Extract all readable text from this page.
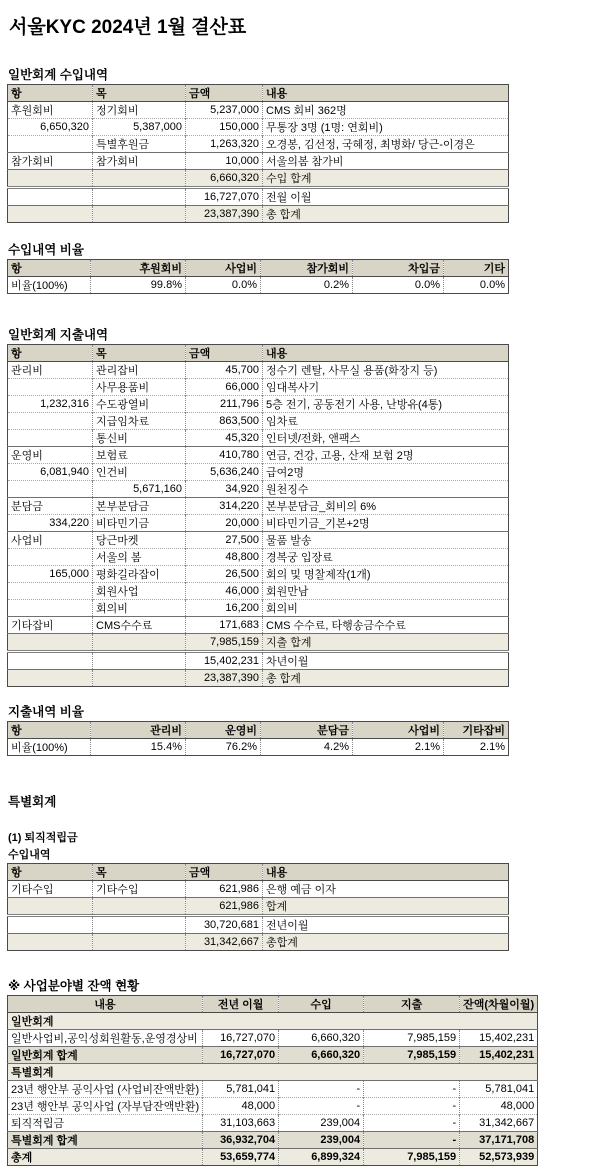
서울KYC 2024년 1월 결산표
일반회계 수입내역
항	목	금액	내용
후원회비	정기회비	5,237,000	CMS 회비 362명
6,650,320	5,387,000	150,000	무통장 3명 (1명: 연회비)
	특별후원금	1,263,320	오경봉, 김선정, 국혜정, 최병화/ 당근-이경은
참가회비	참가회비	10,000	서울의봄 참가비
		6,660,320	수입 합계
		16,727,070	전월 이월
		23,387,390	총 합계
수입내역 비율
항	후원회비	사업비	참가회비	차입금	기타
비율(100%)	99.8%	0.0%	0.2%	0.0%	0.0%
일반회계 지출내역
항	목	금액	내용
관리비	관리잡비	45,700	정수기 렌탈, 사무실 용품(화장지 등)
	사무용품비	66,000	임대복사기
1,232,316	수도광열비	211,796	5층 전기, 공동전기 사용, 난방유(4통)
	지급임차료	863,500	임차료
	통신비	45,320	인터넷/전화, 앤팩스
운영비	보험료	410,780	연금, 건강, 고용, 산재 보험 2명
6,081,940	인건비	5,636,240	급여2명
	5,671,160	34,920	원천징수
분담금	본부분담금	314,220	본부분담금_회비의 6%
334,220	비타민기금	20,000	비타민기금_기본+2명
사업비	당근마켓	27,500	물품 발송
	서울의 봄	48,800	경복궁 입장료
165,000	평화길라잡이	26,500	회의 및 명찰제작(1개)
	회원사업	46,000	회원만남
	회의비	16,200	회의비
기타잡비	CMS수수료	171,683	CMS 수수료, 타행송금수수료
		7,985,159	지출 합계
		15,402,231	차년이월
		23,387,390	총 합계
지출내역 비율
항	관리비	운영비	분담금	사업비	기타잡비
비율(100%)	15.4%	76.2%	4.2%	2.1%	2.1%
특별회계
(1) 퇴직적립금
수입내역
항	목	금액	내용
기타수입	기타수입	621,986	은행 예금 이자
		621,986	합계
		30,720,681	전년이월
		31,342,667	총합계
※ 사업분야별 잔액 현황
내용	전년 이월	수입	지출	잔액(차월이월)
일반회계				
일반사업비,공익성회원활동,운영경상비	16,727,070	6,660,320	7,985,159	15,402,231
일반회계 합계	16,727,070	6,660,320	7,985,159	15,402,231
특별회계				
23년 행안부 공익사업 (사업비잔액반환)	5,781,041	-	-	5,781,041
23년 행안부 공익사업 (자부담잔액반환)	48,000	-	-	48,000
퇴직적립금	31,103,663	239,004	-	31,342,667
특별회계 합계	36,932,704	239,004	-	37,171,708
총계	53,659,774	6,899,324	7,985,159	52,573,939
